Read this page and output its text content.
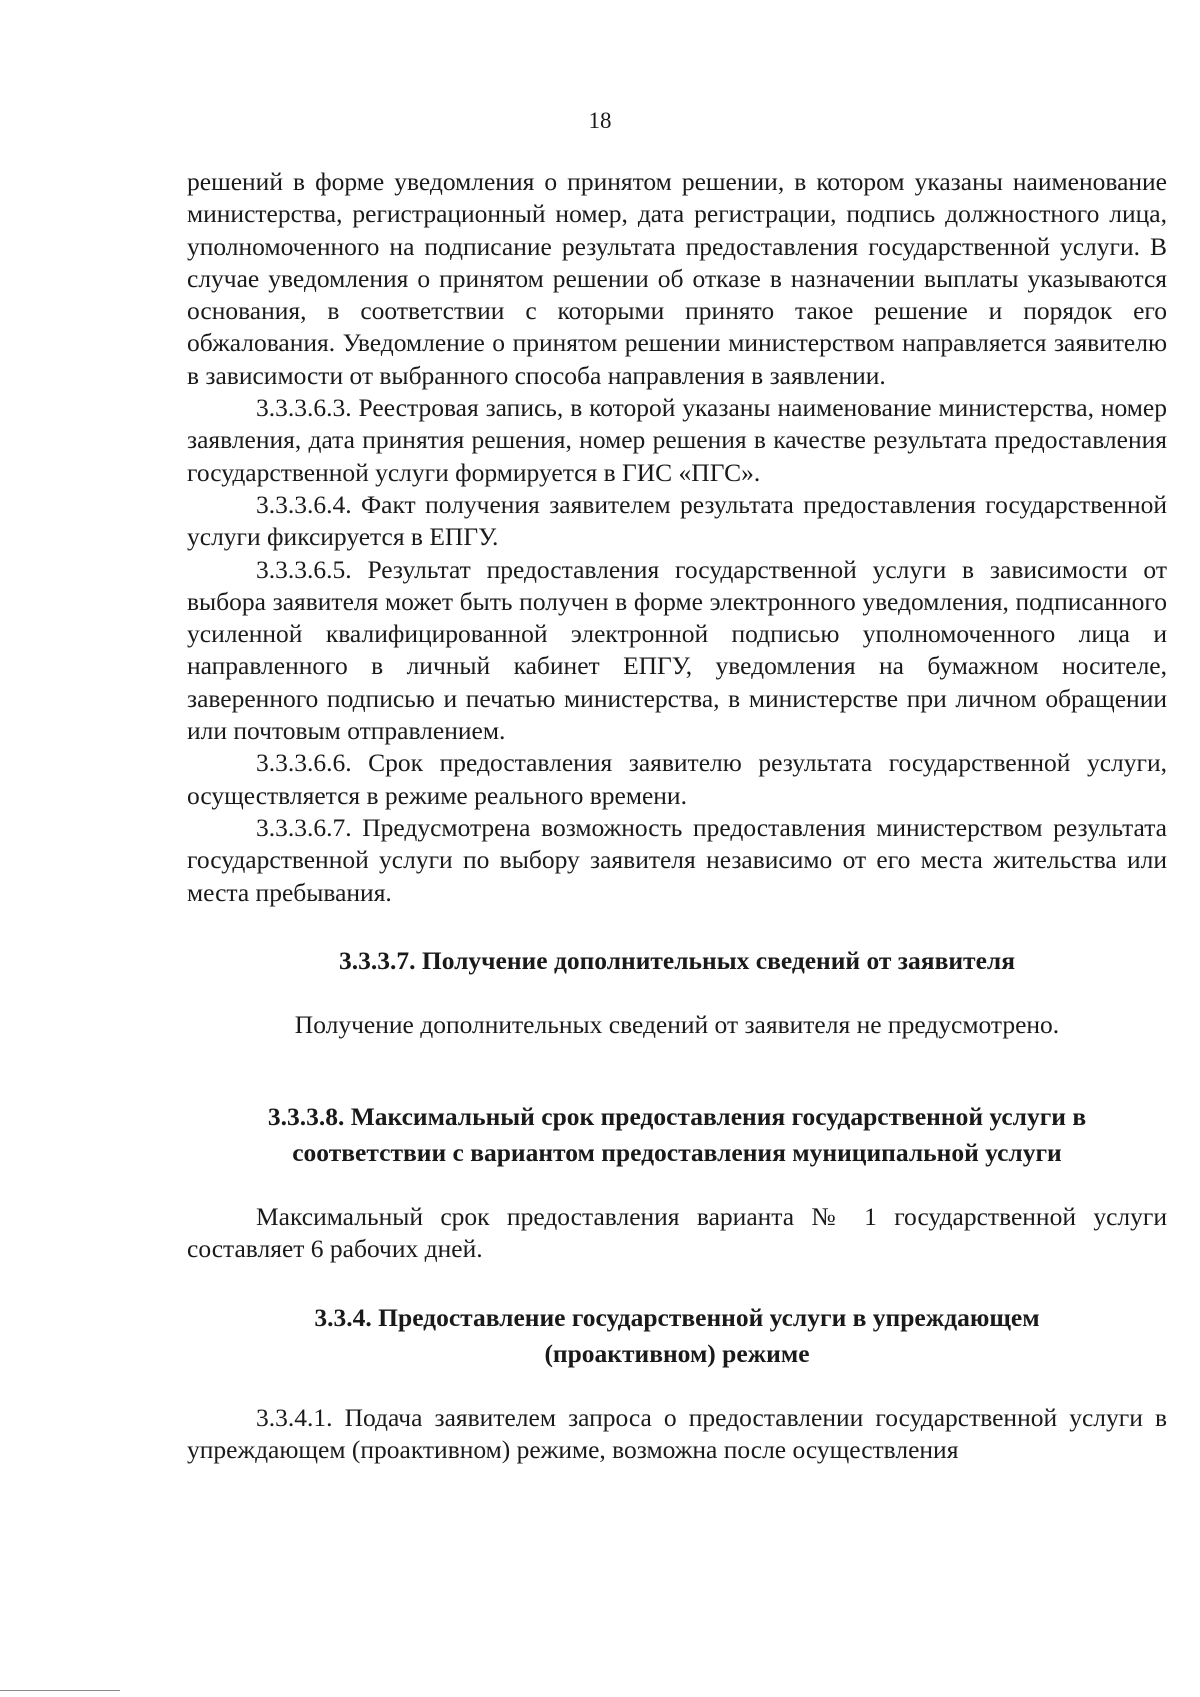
18

решений в форме уведомления о принятом решении, в котором указаны наименование министерства, регистрационный номер, дата регистрации, подпись должностного лица, уполномоченного на подписание результата предоставления государственной услуги. В случае уведомления о принятом решении об отказе в назначении выплаты указываются основания, в соответствии с которыми принято такое решение и порядок его обжалования. Уведомление о принятом решении министерством направляется заявителю в зависимости от выбранного способа направления в заявлении.

3.3.3.6.3. Реестровая запись, в которой указаны наименование министерства, номер заявления, дата принятия решения, номер решения в качестве результата предоставления государственной услуги формируется в ГИС «ПГС».

3.3.3.6.4. Факт получения заявителем результата предоставления государственной услуги фиксируется в ЕПГУ.

3.3.3.6.5. Результат предоставления государственной услуги в зависимости от выбора заявителя может быть получен в форме электронного уведомления, подписанного усиленной квалифицированной электронной подписью уполномоченного лица и направленного в личный кабинет ЕПГУ, уведомления на бумажном носителе, заверенного подписью и печатью министерства, в министерстве при личном обращении или почтовым отправлением.

3.3.3.6.6. Срок предоставления заявителю результата государственной услуги, осуществляется в режиме реального времени.

3.3.3.6.7. Предусмотрена возможность предоставления министерством результата государственной услуги по выбору заявителя независимо от его места жительства или места пребывания.

3.3.3.7. Получение дополнительных сведений от заявителя

Получение дополнительных сведений от заявителя не предусмотрено.

3.3.3.8. Максимальный срок предоставления государственной услуги в
соответствии с вариантом предоставления муниципальной услуги

Максимальный срок предоставления варианта № 1 государственной услуги составляет 6 рабочих дней.

3.3.4. Предоставление государственной услуги в упреждающем
(проактивном) режиме

3.3.4.1. Подача заявителем запроса о предоставлении государственной услуги в упреждающем (проактивном) режиме, возможна после осуществления
